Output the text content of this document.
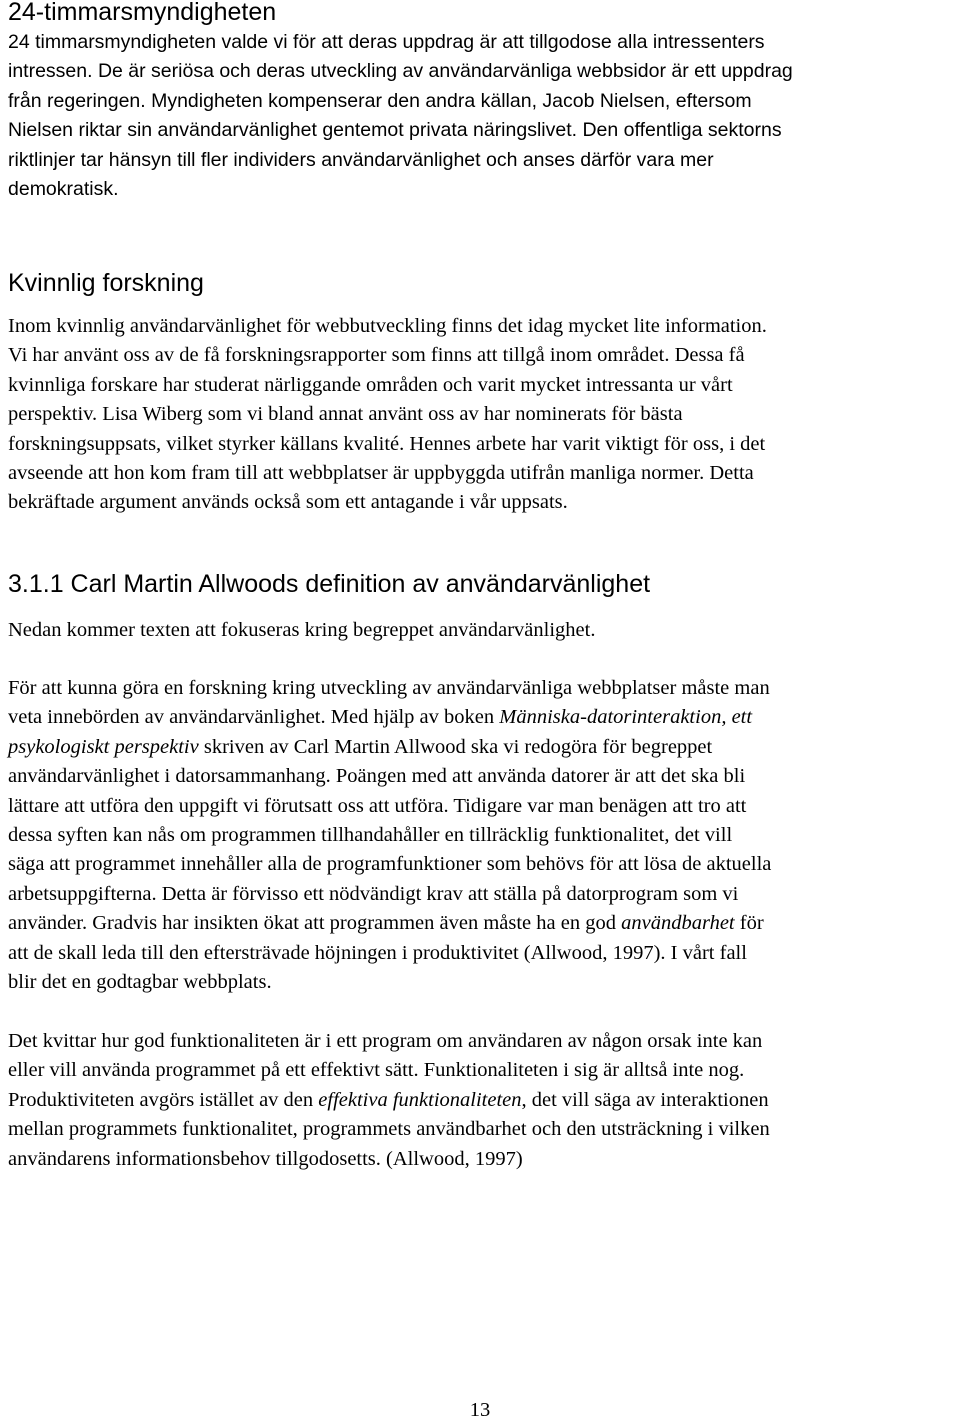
24-timmarsmyndigheten

24 timmarsmyndigheten valde vi för att deras uppdrag är att tillgodose alla intressenters
intressen. De är seriösa och deras utveckling av användarvänliga webbsidor är ett uppdrag
från regeringen. Myndigheten kompenserar den andra källan, Jacob Nielsen, eftersom
Nielsen riktar sin användarvänlighet gentemot privata näringslivet. Den offentliga sektorns
riktlinjer tar hänsyn till fler individers användarvänlighet och anses därför vara mer
demokratisk.

Kvinnlig forskning

Inom kvinnlig användarvänlighet för webbutveckling finns det idag mycket lite information.
Vi har använt oss av de få forskningsrapporter som finns att tillgå inom området. Dessa få
kvinnliga forskare har studerat närliggande områden och varit mycket intressanta ur vårt
perspektiv. Lisa Wiberg som vi bland annat använt oss av har nominerats för bästa
forskningsuppsats, vilket styrker källans kvalité. Hennes arbete har varit viktigt för oss, i det
avseende att hon kom fram till att webbplatser är uppbyggda utifrån manliga normer. Detta
bekräftade argument används också som ett antagande i vår uppsats.

3.1.1 Carl Martin Allwoods definition av användarvänlighet

Nedan kommer texten att fokuseras kring begreppet användarvänlighet.

För att kunna göra en forskning kring utveckling av användarvänliga webbplatser måste man
veta innebörden av användarvänlighet. Med hjälp av boken Människa-datorinteraktion, ett
psykologiskt perspektiv skriven av Carl Martin Allwood ska vi redogöra för begreppet
användarvänlighet i datorsammanhang. Poängen med att använda datorer är att det ska bli
lättare att utföra den uppgift vi förutsatt oss att utföra. Tidigare var man benägen att tro att
dessa syften kan nås om programmen tillhandahåller en tillräcklig funktionalitet, det vill
säga att programmet innehåller alla de programfunktioner som behövs för att lösa de aktuella
arbetsuppgifterna. Detta är förvisso ett nödvändigt krav att ställa på datorprogram som vi
använder. Gradvis har insikten ökat att programmen även måste ha en god användbarhet för
att de skall leda till den eftersträvade höjningen i produktivitet (Allwood, 1997). I vårt fall
blir det en godtagbar webbplats.

Det kvittar hur god funktionaliteten är i ett program om användaren av någon orsak inte kan
eller vill använda programmet på ett effektivt sätt. Funktionaliteten i sig är alltså inte nog.
Produktiviteten avgörs istället av den effektiva funktionaliteten, det vill säga av interaktionen
mellan programmets funktionalitet, programmets användbarhet och den utsträckning i vilken
användarens informationsbehov tillgodosetts. (Allwood, 1997)

13
